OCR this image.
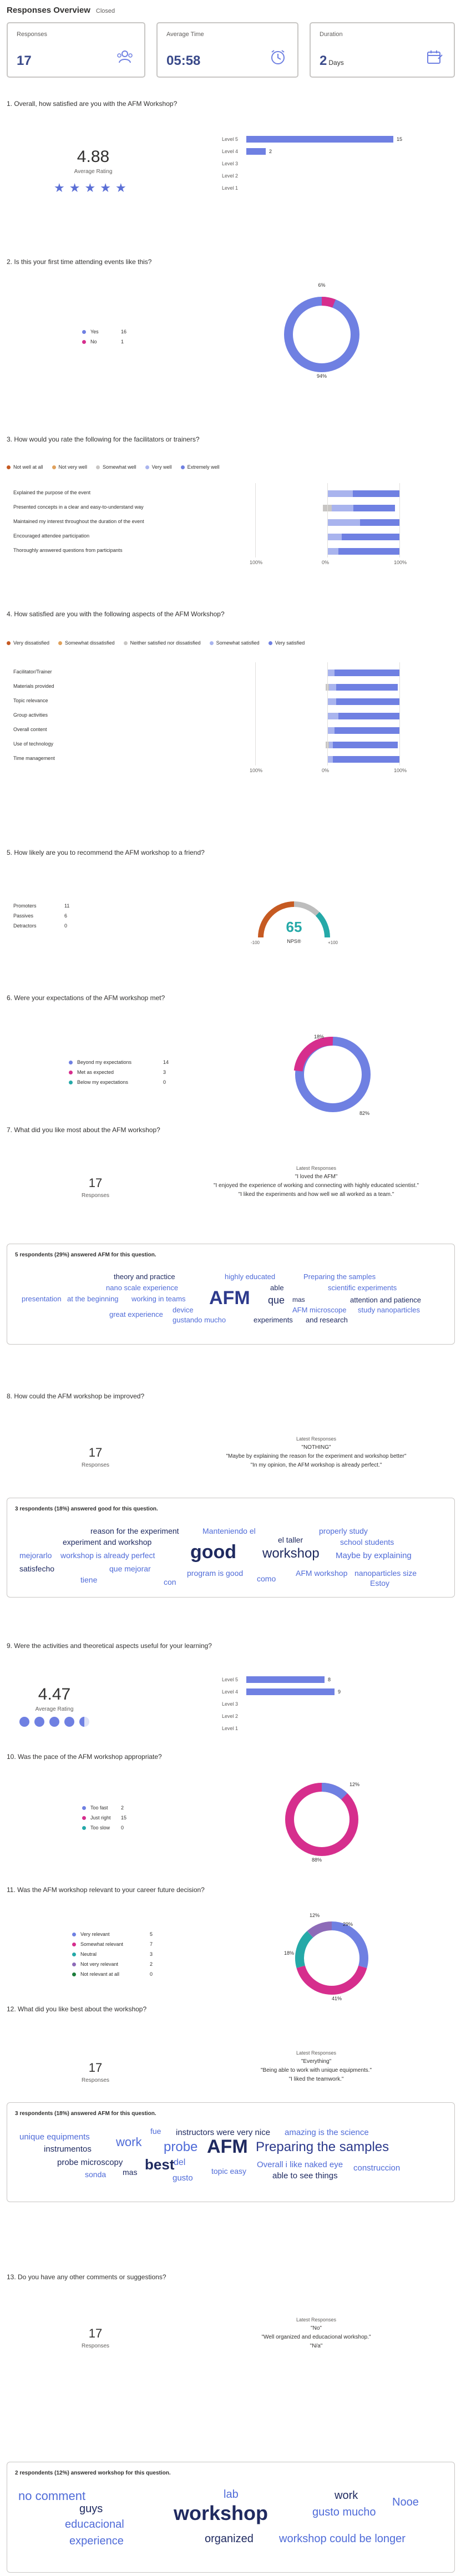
Responses Overview Closed
Responses
17
Average Time
05:58
Duration
2 Days
1. Overall, how satisfied are you with the AFM Workshop?
4.88
Average Rating
★ ★ ★ ★ ★
Level 5	15
Level 4	2
Level 3
Level 2
Level 1
2. Is this your first time attending events like this?
Yes	16
No	1
6%
94%
3. How would you rate the following for the facilitators or trainers?
Not well at all	Not very well	Somewhat well	Very well	Extremely well
Explained the purpose of the event
Presented concepts in a clear and easy-to-understand way
Maintained my interest throughout the duration of the event
Encouraged attendee participation
Thoroughly answered questions from participants
100%	0%	100%
4. How satisfied are you with the following aspects of the AFM Workshop?
Very dissatisfied	Somewhat dissatisfied	Neither satisfied nor dissatisfied	Somewhat satisfied	Very satisfied
Facilitator/Trainer
Materials provided
Topic relevance
Group activities
Overall content
Use of technology
Time management
100%	0%	100%
5. How likely are you to recommend the AFM workshop to a friend?
Promoters	11
Passives	6
Detractors	0	65
NPS®
-100	+100
6. Were your expectations of the AFM workshop met?
Beyond my expectations	14
Met as expected	3
Below my expectations	0
18%
82%
7. What did you like most about the AFM workshop?
17
Responses
Latest Responses
"I loved the AFM"
"I enjoyed the experience of working and connecting with highly educated scientist."
"I liked the experiments and how well we all worked as a team."
5 respondents (29%) answered AFM for this question.
theory and practice	highly educated	Preparing the samples
nano scale experience	able	scientific experiments
presentation at the beginning working in teams AFM que mas	attention and patience
device
great experience
gustando mucho
AFM microscope study nanoparticles
experiments and research
8. How could the AFM workshop be improved?
17
Responses
Latest Responses
"NOTHING"
"Maybe by explaining the reason for the experiment and workshop better"
"In my opinion, the AFM workshop is already perfect."
3 respondents (18%) answered good for this question.
reason for the experiment	Manteniendo el	properly study
experiment and workshop	el taller	school students
mejorarlo workshop is already perfect good workshop Maybe by explaining
satisfecho	que mejorar	program is good	AFM workshop nanoparticles size
tiene	con	como	Estoy
9. Were the activities and theoretical aspects useful for your learning?
4.47
Average Rating
Level 5	8
Level 4	9
Level 3
Level 2
Level 1
10. Was the pace of the AFM workshop appropriate?
Too fast	2
Just right 15
Too slow 0
12%
88%
11. Was the AFM workshop relevant to your career future decision?
Very relevant	5
Somewhat relevant	7
Neutral	3
Not very relevant	2
Not relevant at all	0
29%
41%
18%
12%
12. What did you like best about the workshop?
17
Responses
Latest Responses
"Everything"
"Being able to work with unique equipments."
"I liked the teamwork."
3 respondents (18%) answered AFM for this question.
unique equipments
fue instructors were very nice amazing is the science
instrumentos
work probe AFM Preparing the samples
probe microscopy best
del	Overall i like naked eye
sonda mas
gusto
topic easy	able to see things
construccion
13. Do you have any other comments or suggestions?
17
Responses
Latest Responses
"No"
"Well organized and educacional workshop."
"N/a"
2 respondents (12%) answered workshop for this question.
no comment	lab	work
Nooe
guys	workshop	gusto mucho
educacional
experience	organized workshop could be longer
